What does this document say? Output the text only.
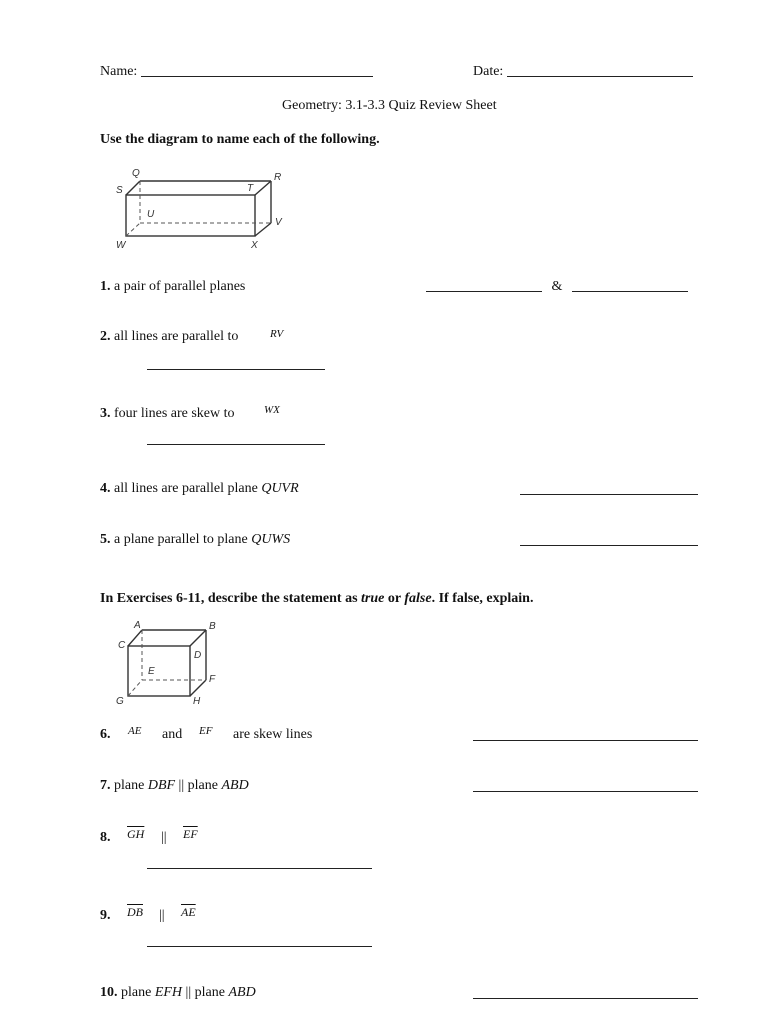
Name:	Date:
Geometry: 3.1-3.3 Quiz Review Sheet
Use the diagram to name each of the following.
Q	R
S	T
U
V
W	X
1. a pair of parallel planes	&
2. all lines are parallel to	RV
3. four lines are skew to	WX
4. all lines are parallel plane QUVR
5. a plane parallel to plane QUWS
In Exercises 6-11, describe the statement as true or false. If false, explain.
A	B
C
D
E
F
G	H
6. AE and EF are skew lines
7. plane DBF || plane ABD
8. $\overline{GH}$ || $\overline{EF}$
9. $\overline{DB}$ || $\overline{AE}$
10. plane EFH || plane ABD
